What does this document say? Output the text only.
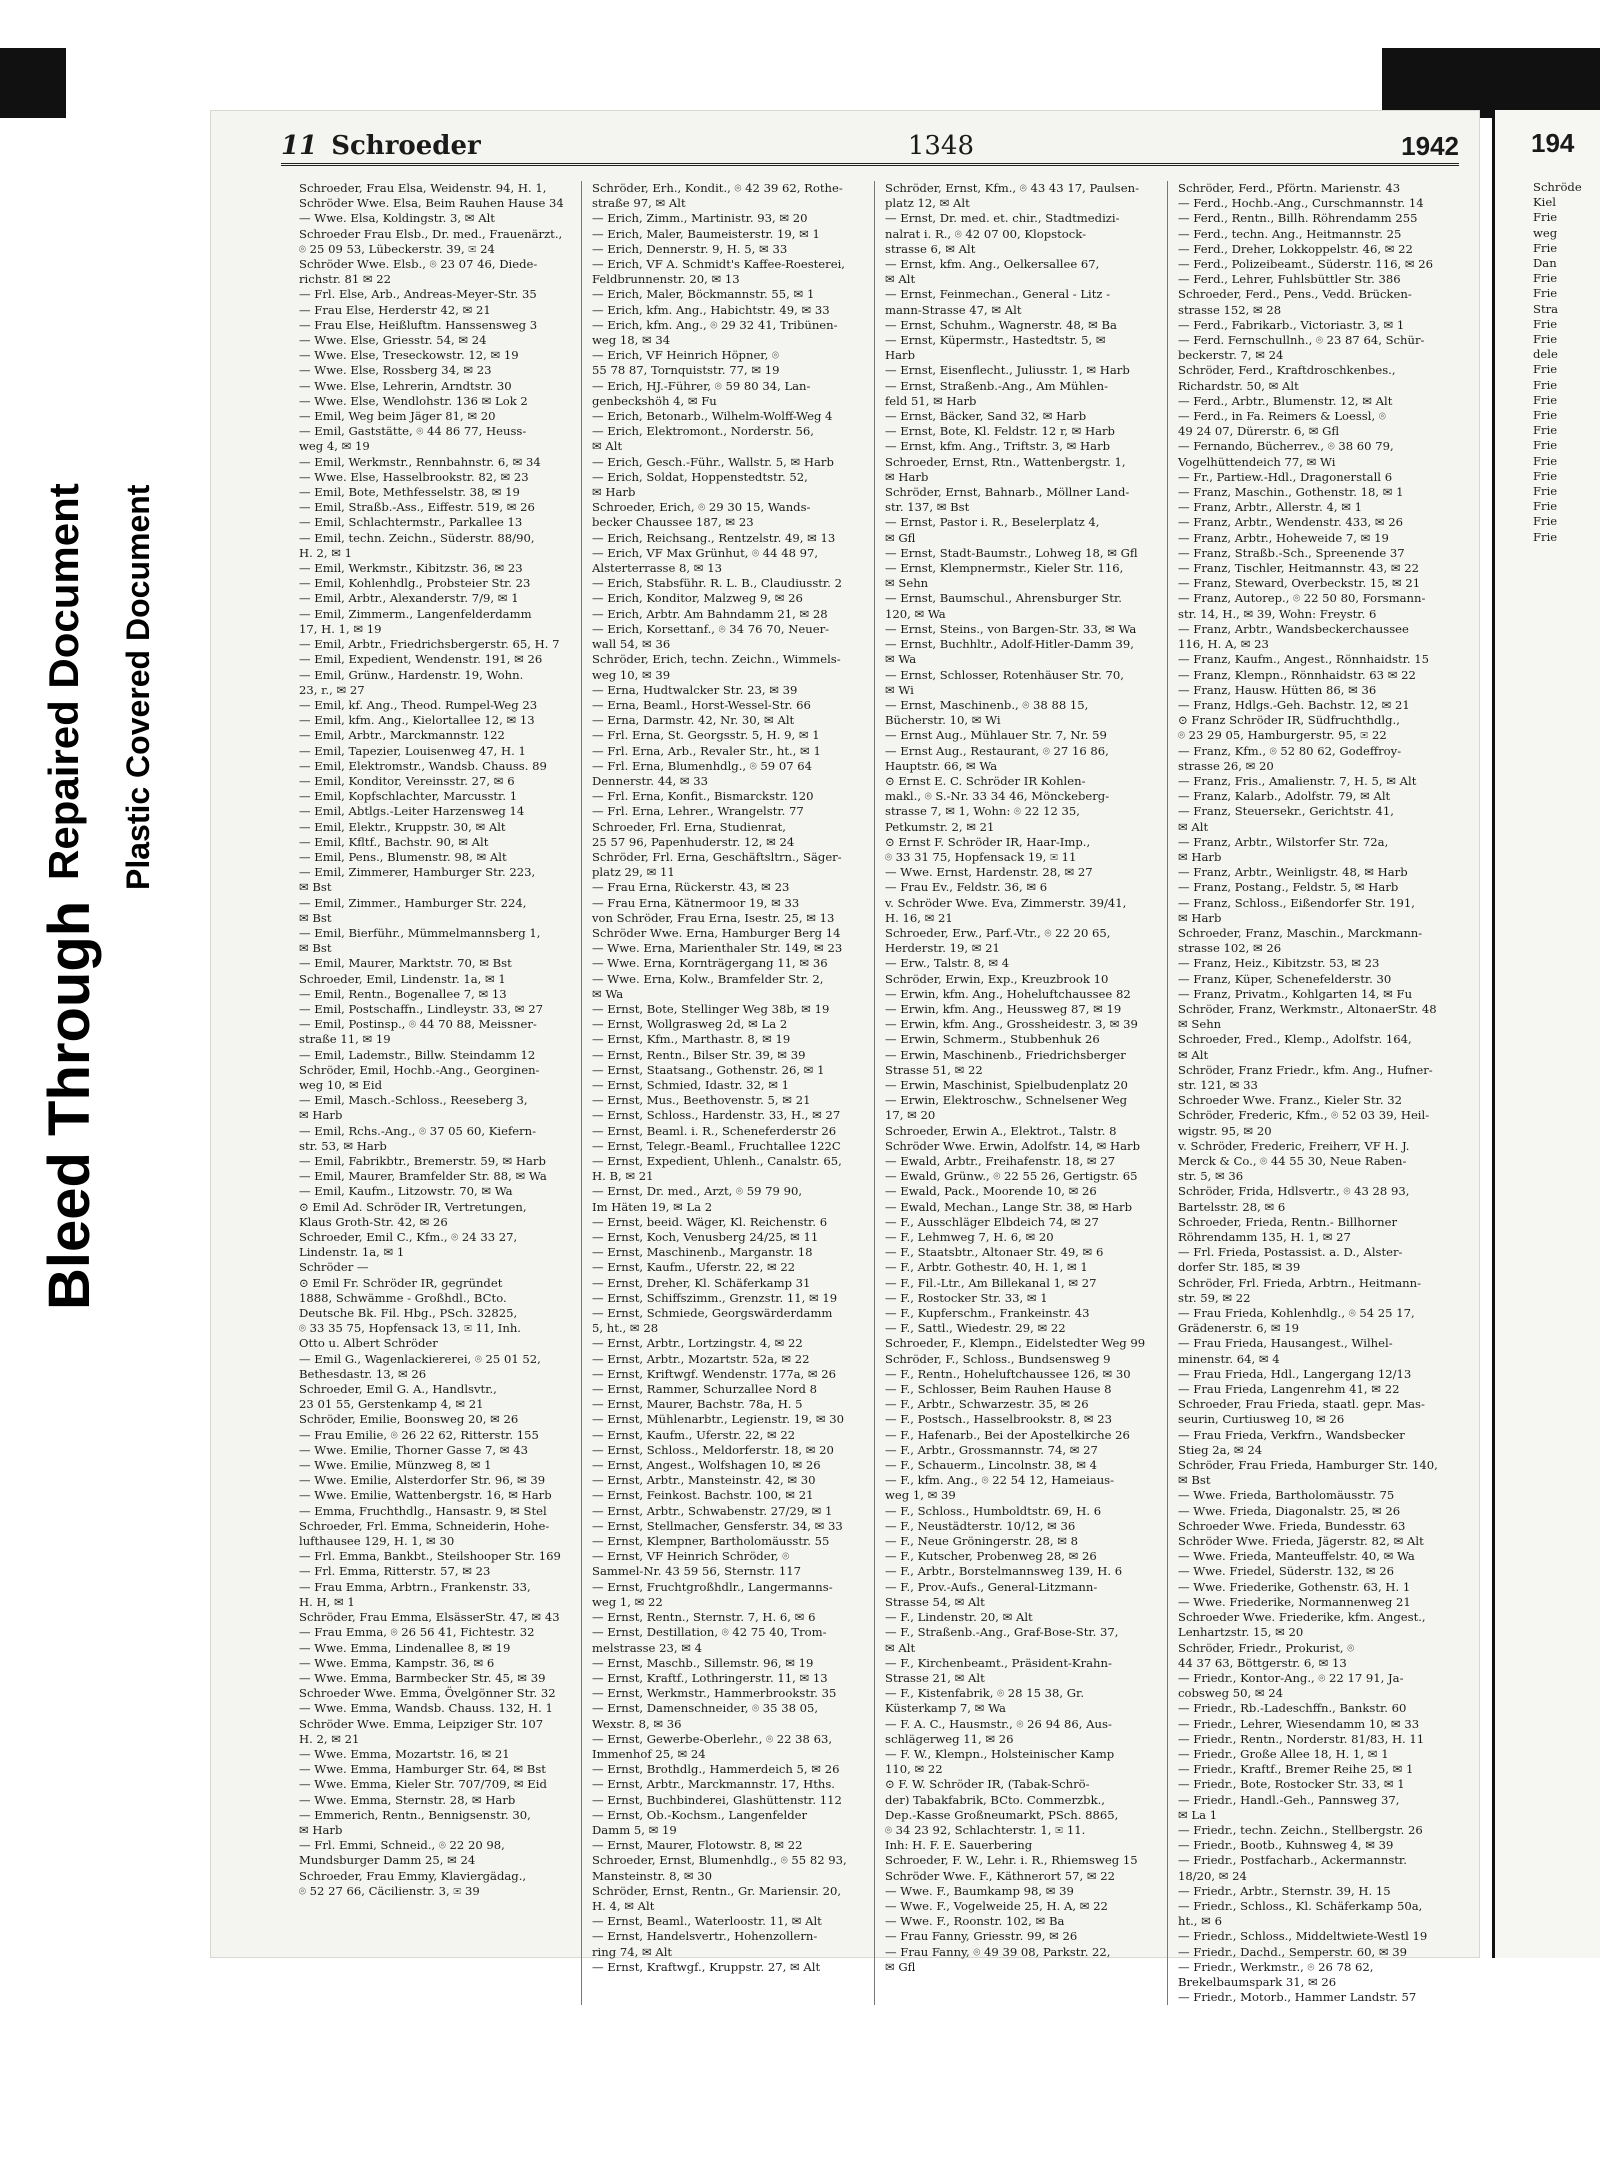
Bleed Through
Repaired Document Plastic Covered Document
11 Schroeder	1348	1942

Schroeder, Frau Elsa, Weidenstr. 94, H. 1,

Schröder Wwe. Elsa, Beim Rauhen Hause 34

— Wwe. Elsa, Koldingstr. 3, ✉ Alt

Schroeder Frau Elsb., Dr. med., Frauenärzt.,

⌾ 25 09 53, Lübeckerstr. 39, ✉ 24

Schröder Wwe. Elsb., ⌾ 23 07 46, Diede-

richstr. 81 ✉ 22

— Frl. Else, Arb., Andreas-Meyer-Str. 35

— Frau Else, Herderstr 42, ✉ 21

— Frau Else, Heißluftm. Hanssensweg 3

— Wwe. Else, Griesstr. 54, ✉ 24

— Wwe. Else, Treseckowstr. 12, ✉ 19

— Wwe. Else, Rossberg 34, ✉ 23

— Wwe. Else, Lehrerin, Arndtstr. 30

— Wwe. Else, Wendlohstr. 136 ✉ Lok 2

— Emil, Weg beim Jäger 81, ✉ 20

— Emil, Gaststätte, ⌾ 44 86 77, Heuss-

weg 4, ✉ 19

— Emil, Werkmstr., Rennbahnstr. 6, ✉ 34

— Wwe. Else, Hasselbrookstr. 82, ✉ 23

— Emil, Bote, Methfesselstr. 38, ✉ 19

— Emil, Straßb.-Ass., Eiffestr. 519, ✉ 26

— Emil, Schlachtermstr., Parkallee 13

— Emil, techn. Zeichn., Süderstr. 88/90,

H. 2, ✉ 1

— Emil, Werkmstr., Kibitzstr. 36, ✉ 23

— Emil, Kohlenhdlg., Probsteier Str. 23

— Emil, Arbtr., Alexanderstr. 7/9, ✉ 1

— Emil, Zimmerm., Langenfelderdamm

17, H. 1, ✉ 19

— Emil, Arbtr., Friedrichsbergerstr. 65, H. 7

— Emil, Expedient, Wendenstr. 191, ✉ 26

— Emil, Grünw., Hardenstr. 19, Wohn.

23, r., ✉ 27

— Emil, kf. Ang., Theod. Rumpel-Weg 23

— Emil, kfm. Ang., Kielortallee 12, ✉ 13

— Emil, Arbtr., Marckmannstr. 122

— Emil, Tapezier, Louisenweg 47, H. 1

— Emil, Elektromstr., Wandsb. Chauss. 89

— Emil, Konditor, Vereinsstr. 27, ✉ 6

— Emil, Kopfschlachter, Marcusstr. 1

— Emil, Abtlgs.-Leiter Harzensweg 14

— Emil, Elektr., Kruppstr. 30, ✉ Alt

— Emil, Kfltf., Bachstr. 90, ✉ Alt

— Emil, Pens., Blumenstr. 98, ✉ Alt

— Emil, Zimmerer, Hamburger Str. 223,

✉ Bst

— Emil, Zimmer., Hamburger Str. 224,

✉ Bst

— Emil, Bierführ., Mümmelmannsberg 1,

✉ Bst

— Emil, Maurer, Marktstr. 70, ✉ Bst

Schroeder, Emil, Lindenstr. 1a, ✉ 1

— Emil, Rentn., Bogenallee 7, ✉ 13

— Emil, Postschaffn., Lindleystr. 33, ✉ 27

— Emil, Postinsp., ⌾ 44 70 88, Meissner-

straße 11, ✉ 19

— Emil, Lademstr., Billw. Steindamm 12

Schröder, Emil, Hochb.-Ang., Georginen-

weg 10, ✉ Eid

— Emil, Masch.-Schloss., Reeseberg 3,

✉ Harb

— Emil, Rchs.-Ang., ⌾ 37 05 60, Kiefern-

str. 53, ✉ Harb

— Emil, Fabrikbtr., Bremerstr. 59, ✉ Harb

— Emil, Maurer, Bramfelder Str. 88, ✉ Wa

— Emil, Kaufm., Litzowstr. 70, ✉ Wa

⊙ Emil Ad. Schröder IR, Vertretungen,

Klaus Groth-Str. 42, ✉ 26

Schroeder, Emil C., Kfm., ⌾ 24 33 27,

Lindenstr. 1a, ✉ 1

Schröder —

⊙ Emil Fr. Schröder IR, gegründet

1888, Schwämme - Großhdl., BCto.

Deutsche Bk. Fil. Hbg., PSch. 32825,

⌾ 33 35 75, Hopfensack 13, ✉ 11, Inh.

Otto u. Albert Schröder

— Emil G., Wagenlackiererei, ⌾ 25 01 52,

Bethesdastr. 13, ✉ 26

Schroeder, Emil G. A., Handlsvtr.,

23 01 55, Gerstenkamp 4, ✉ 21

Schröder, Emilie, Boonsweg 20, ✉ 26

— Frau Emilie, ⌾ 26 22 62, Ritterstr. 155

— Wwe. Emilie, Thorner Gasse 7, ✉ 43

— Wwe. Emilie, Münzweg 8, ✉ 1

— Wwe. Emilie, Alsterdorfer Str. 96, ✉ 39

— Wwe. Emilie, Wattenbergstr. 16, ✉ Harb

— Emma, Fruchthdlg., Hansastr. 9, ✉ Stel

Schroeder, Frl. Emma, Schneiderin, Hohe-

lufthausee 129, H. 1, ✉ 30

— Frl. Emma, Bankbt., Steilshooper Str. 169

— Frl. Emma, Ritterstr. 57, ✉ 23

— Frau Emma, Arbtrn., Frankenstr. 33,

H. H, ✉ 1

Schröder, Frau Emma, ElsässerStr. 47, ✉ 43

— Frau Emma, ⌾ 26 56 41, Fichtestr. 32

— Wwe. Emma, Lindenallee 8, ✉ 19

— Wwe. Emma, Kampstr. 36, ✉ 6

— Wwe. Emma, Barmbecker Str. 45, ✉ 39

Schroeder Wwe. Emma, Övelgönner Str. 32

— Wwe. Emma, Wandsb. Chauss. 132, H. 1

Schröder Wwe. Emma, Leipziger Str. 107

H. 2, ✉ 21

— Wwe. Emma, Mozartstr. 16, ✉ 21

— Wwe. Emma, Hamburger Str. 64, ✉ Bst

— Wwe. Emma, Kieler Str. 707/709, ✉ Eid

— Wwe. Emma, Sternstr. 28, ✉ Harb

— Emmerich, Rentn., Bennigsenstr. 30,

✉ Harb

— Frl. Emmi, Schneid., ⌾ 22 20 98,

Mundsburger Damm 25, ✉ 24

Schroeder, Frau Emmy, Klaviergädag.,

⌾ 52 27 66, Cäcilienstr. 3, ✉ 39

Schröder, Erh., Kondit., ⌾ 42 39 62, Rothe-

straße 97, ✉ Alt

— Erich, Zimm., Martinistr. 93, ✉ 20

— Erich, Maler, Baumeisterstr. 19, ✉ 1

— Erich, Dennerstr. 9, H. 5, ✉ 33

— Erich, VF A. Schmidt's Kaffee-Roesterei,

Feldbrunnenstr. 20, ✉ 13

— Erich, Maler, Böckmannstr. 55, ✉ 1

— Erich, kfm. Ang., Habichtstr. 49, ✉ 33

— Erich, kfm. Ang., ⌾ 29 32 41, Tribünen-

weg 18, ✉ 34

— Erich, VF Heinrich Höpner, ⌾

55 78 87, Tornquiststr. 77, ✉ 19

— Erich, HJ.-Führer, ⌾ 59 80 34, Lan-

genbeckshöh 4, ✉ Fu

— Erich, Betonarb., Wilhelm-Wolff-Weg 4

— Erich, Elektromont., Norderstr. 56,

✉ Alt

— Erich, Gesch.-Führ., Wallstr. 5, ✉ Harb

— Erich, Soldat, Hoppenstedtstr. 52,

✉ Harb

Schroeder, Erich, ⌾ 29 30 15, Wands-

becker Chaussee 187, ✉ 23

— Erich, Reichsang., Rentzelstr. 49, ✉ 13

— Erich, VF Max Grünhut, ⌾ 44 48 97,

Alsterterrasse 8, ✉ 13

— Erich, Stabsführ. R. L. B., Claudiusstr. 2

— Erich, Konditor, Malzweg 9, ✉ 26

— Erich, Arbtr. Am Bahndamm 21, ✉ 28

— Erich, Korsettanf., ⌾ 34 76 70, Neuer-

wall 54, ✉ 36

Schröder, Erich, techn. Zeichn., Wimmels-

weg 10, ✉ 39

— Erna, Hudtwalcker Str. 23, ✉ 39

— Erna, Beaml., Horst-Wessel-Str. 66

— Erna, Darmstr. 42, Nr. 30, ✉ Alt

— Frl. Erna, St. Georgsstr. 5, H. 9, ✉ 1

— Frl. Erna, Arb., Revaler Str., ht., ✉ 1

— Frl. Erna, Blumenhdlg., ⌾ 59 07 64

Dennerstr. 44, ✉ 33

— Frl. Erna, Konfit., Bismarckstr. 120

— Frl. Erna, Lehrer., Wrangelstr. 77

Schroeder, Frl. Erna, Studienrat,

25 57 96, Papenhuderstr. 12, ✉ 24

Schröder, Frl. Erna, Geschäftsltrn., Säger-

platz 29, ✉ 11

— Frau Erna, Rückerstr. 43, ✉ 23

— Frau Erna, Kätnermoor 19, ✉ 33

von Schröder, Frau Erna, Isestr. 25, ✉ 13

Schröder Wwe. Erna, Hamburger Berg 14

— Wwe. Erna, Marienthaler Str. 149, ✉ 23

— Wwe. Erna, Kornträgergang 11, ✉ 36

— Wwe. Erna, Kolw., Bramfelder Str. 2,

✉ Wa

— Ernst, Bote, Stellinger Weg 38b, ✉ 19

— Ernst, Wollgrasweg 2d, ✉ La 2

— Ernst, Kfm., Marthastr. 8, ✉ 19

— Ernst, Rentn., Bilser Str. 39, ✉ 39

— Ernst, Staatsang., Gothenstr. 26, ✉ 1

— Ernst, Schmied, Idastr. 32, ✉ 1

— Ernst, Mus., Beethovenstr. 5, ✉ 21

— Ernst, Schloss., Hardenstr. 33, H., ✉ 27

— Ernst, Beaml. i. R., Scheneferderstr 26

— Ernst, Telegr.-Beaml., Fruchtallee 122C

— Ernst, Expedient, Uhlenh., Canalstr. 65,

H. B, ✉ 21

— Ernst, Dr. med., Arzt, ⌾ 59 79 90,

Im Häten 19, ✉ La 2

— Ernst, beeid. Wäger, Kl. Reichenstr. 6

— Ernst, Koch, Venusberg 24/25, ✉ 11

— Ernst, Maschinenb., Marganstr. 18

— Ernst, Kaufm., Uferstr. 22, ✉ 22

— Ernst, Dreher, Kl. Schäferkamp 31

— Ernst, Schiffszimm., Grenzstr. 11, ✉ 19

— Ernst, Schmiede, Georgswärderdamm

5, ht., ✉ 28

— Ernst, Arbtr., Lortzingstr. 4, ✉ 22

— Ernst, Arbtr., Mozartstr. 52a, ✉ 22

— Ernst, Kriftwgf. Wendenstr. 177a, ✉ 26

— Ernst, Rammer, Schurzallee Nord 8

— Ernst, Maurer, Bachstr. 78a, H. 5

— Ernst, Mühlenarbtr., Legienstr. 19, ✉ 30

— Ernst, Kaufm., Uferstr. 22, ✉ 22

— Ernst, Schloss., Meldorferstr. 18, ✉ 20

— Ernst, Angest., Wolfshagen 10, ✉ 26

— Ernst, Arbtr., Mansteinstr. 42, ✉ 30

— Ernst, Feinkost. Bachstr. 100, ✉ 21

— Ernst, Arbtr., Schwabenstr. 27/29, ✉ 1

— Ernst, Stellmacher, Gensferstr. 34, ✉ 33

— Ernst, Klempner, Bartholomäusstr. 55

— Ernst, VF Heinrich Schröder, ⌾

Sammel-Nr. 43 59 56, Sternstr. 117

— Ernst, Fruchtgroßhdlr., Langermanns-

weg 1, ✉ 22

— Ernst, Rentn., Sternstr. 7, H. 6, ✉ 6

— Ernst, Destillation, ⌾ 42 75 40, Trom-

melstrasse 23, ✉ 4

— Ernst, Maschb., Sillemstr. 96, ✉ 19

— Ernst, Kraftf., Lothringerstr. 11, ✉ 13

— Ernst, Werkmstr., Hammerbrookstr. 35

— Ernst, Damenschneider, ⌾ 35 38 05,

Wexstr. 8, ✉ 36

— Ernst, Gewerbe-Oberlehr., ⌾ 22 38 63,

Immenhof 25, ✉ 24

— Ernst, Brothdlg., Hammerdeich 5, ✉ 26

— Ernst, Arbtr., Marckmannstr. 17, Hths.

— Ernst, Buchbinderei, Glashüttenstr. 112

— Ernst, Ob.-Kochsm., Langenfelder

Damm 5, ✉ 19

— Ernst, Maurer, Flotowstr. 8, ✉ 22

Schroeder, Ernst, Blumenhdlg., ⌾ 55 82 93,

Mansteinstr. 8, ✉ 30

Schröder, Ernst, Rentn., Gr. Mariensir. 20,

H. 4, ✉ Alt

— Ernst, Beaml., Waterloostr. 11, ✉ Alt

— Ernst, Handelsvertr., Hohenzollern-

ring 74, ✉ Alt

— Ernst, Kraftwgf., Kruppstr. 27, ✉ Alt

Schröder, Ernst, Kfm., ⌾ 43 43 17, Paulsen-

platz 12, ✉ Alt

— Ernst, Dr. med. et. chir., Stadtmedizi-

nalrat i. R., ⌾ 42 07 00, Klopstock-

strasse 6, ✉ Alt

— Ernst, kfm. Ang., Oelkersallee 67,

✉ Alt

— Ernst, Feinmechan., General - Litz -

mann-Strasse 47, ✉ Alt

— Ernst, Schuhm., Wagnerstr. 48, ✉ Ba

— Ernst, Küpermstr., Hastedtstr. 5, ✉

Harb

— Ernst, Eisenflecht., Juliusstr. 1, ✉ Harb

— Ernst, Straßenb.-Ang., Am Mühlen-

feld 51, ✉ Harb

— Ernst, Bäcker, Sand 32, ✉ Harb

— Ernst, Bote, Kl. Feldstr. 12 r, ✉ Harb

— Ernst, kfm. Ang., Triftstr. 3, ✉ Harb

Schroeder, Ernst, Rtn., Wattenbergstr. 1,

✉ Harb

Schröder, Ernst, Bahnarb., Möllner Land-

str. 137, ✉ Bst

— Ernst, Pastor i. R., Beselerplatz 4,

✉ Gfl

— Ernst, Stadt-Baumstr., Lohweg 18, ✉ Gfl

— Ernst, Klempnermstr., Kieler Str. 116,

✉ Sehn

— Ernst, Baumschul., Ahrensburger Str.

120, ✉ Wa

— Ernst, Steins., von Bargen-Str. 33, ✉ Wa

— Ernst, Buchhltr., Adolf-Hitler-Damm 39,

✉ Wa

— Ernst, Schlosser, Rotenhäuser Str. 70,

✉ Wi

— Ernst, Maschinenb., ⌾ 38 88 15,

Bücherstr. 10, ✉ Wi

— Ernst Aug., Mühlauer Str. 7, Nr. 59

— Ernst Aug., Restaurant, ⌾ 27 16 86,

Hauptstr. 66, ✉ Wa

⊙ Ernst E. C. Schröder IR Kohlen-

makl., ⌾ S.-Nr. 33 34 46, Mönckeberg-

strasse 7, ✉ 1, Wohn: ⌾ 22 12 35,

Petkumstr. 2, ✉ 21

⊙ Ernst F. Schröder IR, Haar-Imp.,

⌾ 33 31 75, Hopfensack 19, ✉ 11

— Wwe. Ernst, Hardenstr. 28, ✉ 27

— Frau Ev., Feldstr. 36, ✉ 6

v. Schröder Wwe. Eva, Zimmerstr. 39/41,

H. 16, ✉ 21

Schroeder, Erw., Parf.-Vtr., ⌾ 22 20 65,

Herderstr. 19, ✉ 21

— Erw., Talstr. 8, ✉ 4

Schröder, Erwin, Exp., Kreuzbrook 10

— Erwin, kfm. Ang., Hoheluftchaussee 82

— Erwin, kfm. Ang., Heussweg 87, ✉ 19

— Erwin, kfm. Ang., Grossheidestr. 3, ✉ 39

— Erwin, Schmerm., Stubbenhuk 26

— Erwin, Maschinenb., Friedrichsberger

Strasse 51, ✉ 22

— Erwin, Maschinist, Spielbudenplatz 20

— Erwin, Elektroschw., Schnelsener Weg

17, ✉ 20

Schroeder, Erwin A., Elektrot., Talstr. 8

Schröder Wwe. Erwin, Adolfstr. 14, ✉ Harb

— Ewald, Arbtr., Freihafenstr. 18, ✉ 27

— Ewald, Grünw., ⌾ 22 55 26, Gertigstr. 65

— Ewald, Pack., Moorende 10, ✉ 26

— Ewald, Mechan., Lange Str. 38, ✉ Harb

— F., Ausschläger Elbdeich 74, ✉ 27

— F., Lehmweg 7, H. 6, ✉ 20

— F., Staatsbtr., Altonaer Str. 49, ✉ 6

— F., Arbtr. Gothestr. 40, H. 1, ✉ 1

— F., Fil.-Ltr., Am Billekanal 1, ✉ 27

— F., Rostocker Str. 33, ✉ 1

— F., Kupferschm., Frankeinstr. 43

— F., Sattl., Wiedestr. 29, ✉ 22

Schroeder, F., Klempn., Eidelstedter Weg 99

Schröder, F., Schloss., Bundsensweg 9

— F., Rentn., Hoheluftchaussee 126, ✉ 30

— F., Schlosser, Beim Rauhen Hause 8

— F., Arbtr., Schwarzestr. 35, ✉ 26

— F., Postsch., Hasselbrookstr. 8, ✉ 23

— F., Hafenarb., Bei der Apostelkirche 26

— F., Arbtr., Grossmannstr. 74, ✉ 27

— F., Schauerm., Lincolnstr. 38, ✉ 4

— F., kfm. Ang., ⌾ 22 54 12, Hameiaus-

weg 1, ✉ 39

— F., Schloss., Humboldtstr. 69, H. 6

— F., Neustädterstr. 10/12, ✉ 36

— F., Neue Gröningerstr. 28, ✉ 8

— F., Kutscher, Probenweg 28, ✉ 26

— F., Arbtr., Borstelmannsweg 139, H. 6

— F., Prov.-Aufs., General-Litzmann-

Strasse 54, ✉ Alt

— F., Lindenstr. 20, ✉ Alt

— F., Straßenb.-Ang., Graf-Bose-Str. 37,

✉ Alt

— F., Kirchenbeamt., Präsident-Krahn-

Strasse 21, ✉ Alt

— F., Kistenfabrik, ⌾ 28 15 38, Gr.

Küsterkamp 7, ✉ Wa

— F. A. C., Hausmstr., ⌾ 26 94 86, Aus-

schlägerweg 11, ✉ 26

— F. W., Klempn., Holsteinischer Kamp

110, ✉ 22

⊙ F. W. Schröder IR, (Tabak-Schrö-

der) Tabakfabrik, BCto. Commerzbk.,

Dep.-Kasse Großneumarkt, PSch. 8865,

⌾ 34 23 92, Schlachterstr. 1, ✉ 11.

Inh: H. F. E. Sauerbering

Schroeder, F. W., Lehr. i. R., Rhiemsweg 15

Schröder Wwe. F., Käthnerort 57, ✉ 22

— Wwe. F., Baumkamp 98, ✉ 39

— Wwe. F., Vogelweide 25, H. A, ✉ 22

— Wwe. F., Roonstr. 102, ✉ Ba

— Frau Fanny, Griesstr. 99, ✉ 26

— Frau Fanny, ⌾ 49 39 08, Parkstr. 22,

✉ Gfl

Schröder, Ferd., Pförtn. Marienstr. 43

— Ferd., Hochb.-Ang., Curschmannstr. 14

— Ferd., Rentn., Billh. Röhrendamm 255

— Ferd., techn. Ang., Heitmannstr. 25

— Ferd., Dreher, Lokkoppelstr. 46, ✉ 22

— Ferd., Polizeibeamt., Süderstr. 116, ✉ 26

— Ferd., Lehrer, Fuhlsbüttler Str. 386

Schroeder, Ferd., Pens., Vedd. Brücken-

strasse 152, ✉ 28

— Ferd., Fabrikarb., Victoriastr. 3, ✉ 1

— Ferd. Fernschullnh., ⌾ 23 87 64, Schür-

beckerstr. 7, ✉ 24

Schröder, Ferd., Kraftdroschkenbes.,

Richardstr. 50, ✉ Alt

— Ferd., Arbtr., Blumenstr. 12, ✉ Alt

— Ferd., in Fa. Reimers & Loessl, ⌾

49 24 07, Dürerstr. 6, ✉ Gfl

— Fernando, Bücherrev., ⌾ 38 60 79,

Vogelhüttendeich 77, ✉ Wi

— Fr., Partiew.-Hdl., Dragonerstall 6

— Franz, Maschin., Gothenstr. 18, ✉ 1

— Franz, Arbtr., Allerstr. 4, ✉ 1

— Franz, Arbtr., Wendenstr. 433, ✉ 26

— Franz, Arbtr., Hoheweide 7, ✉ 19

— Franz, Straßb.-Sch., Spreenende 37

— Franz, Tischler, Heitmannstr. 43, ✉ 22

— Franz, Steward, Overbeckstr. 15, ✉ 21

— Franz, Autorep., ⌾ 22 50 80, Forsmann-

str. 14, H., ✉ 39, Wohn: Freystr. 6

— Franz, Arbtr., Wandsbeckerchaussee

116, H. A, ✉ 23

— Franz, Kaufm., Angest., Rönnhaidstr. 15

— Franz, Klempn., Rönnhaidstr. 63 ✉ 22

— Franz, Hausw. Hütten 86, ✉ 36

— Franz, Hdlgs.-Geh. Bachstr. 12, ✉ 21

⊙ Franz Schröder IR, Südfruchthdlg.,

⌾ 23 29 05, Hamburgerstr. 95, ✉ 22

— Franz, Kfm., ⌾ 52 80 62, Godeffroy-

strasse 26, ✉ 20

— Franz, Fris., Amalienstr. 7, H. 5, ✉ Alt

— Franz, Kalarb., Adolfstr. 79, ✉ Alt

— Franz, Steuersekr., Gerichtstr. 41,

✉ Alt

— Franz, Arbtr., Wilstorfer Str. 72a,

✉ Harb

— Franz, Arbtr., Weinligstr. 48, ✉ Harb

— Franz, Postang., Feldstr. 5, ✉ Harb

— Franz, Schloss., Eißendorfer Str. 191,

✉ Harb

Schroeder, Franz, Maschin., Marckmann-

strasse 102, ✉ 26

— Franz, Heiz., Kibitzstr. 53, ✉ 23

— Franz, Küper, Schenefelderstr. 30

— Franz, Privatm., Kohlgarten 14, ✉ Fu

Schröder, Franz, Werkmstr., AltonaerStr. 48

✉ Sehn

Schroeder, Fred., Klemp., Adolfstr. 164,

✉ Alt

Schröder, Franz Friedr., kfm. Ang., Hufner-

str. 121, ✉ 33

Schroeder Wwe. Franz., Kieler Str. 32

Schröder, Frederic, Kfm., ⌾ 52 03 39, Heil-

wigstr. 95, ✉ 20

v. Schröder, Frederic, Freiherr, VF H. J.

Merck & Co., ⌾ 44 55 30, Neue Raben-

str. 5, ✉ 36

Schröder, Frida, Hdlsvertr., ⌾ 43 28 93,

Bartelsstr. 28, ✉ 6

Schroeder, Frieda, Rentn.- Billhorner

Röhrendamm 135, H. 1, ✉ 27

— Frl. Frieda, Postassist. a. D., Alster-

dorfer Str. 185, ✉ 39

Schröder, Frl. Frieda, Arbtrn., Heitmann-

str. 59, ✉ 22

— Frau Frieda, Kohlenhdlg., ⌾ 54 25 17,

Grädenerstr. 6, ✉ 19

— Frau Frieda, Hausangest., Wilhel-

minenstr. 64, ✉ 4

— Frau Frieda, Hdl., Langergang 12/13

— Frau Frieda, Langenrehm 41, ✉ 22

Schroeder, Frau Frieda, staatl. gepr. Mas-

seurin, Curtiusweg 10, ✉ 26

— Frau Frieda, Verkfrn., Wandsbecker

Stieg 2a, ✉ 24

Schröder, Frau Frieda, Hamburger Str. 140,

✉ Bst

— Wwe. Frieda, Bartholomäusstr. 75

— Wwe. Frieda, Diagonalstr. 25, ✉ 26

Schroeder Wwe. Frieda, Bundesstr. 63

Schröder Wwe. Frieda, Jägerstr. 82, ✉ Alt

— Wwe. Frieda, Manteuffelstr. 40, ✉ Wa

— Wwe. Friedel, Süderstr. 132, ✉ 26

— Wwe. Friederike, Gothenstr. 63, H. 1

— Wwe. Friederike, Normannenweg 21

Schroeder Wwe. Friederike, kfm. Angest.,

Lenhartzstr. 15, ✉ 20

Schröder, Friedr., Prokurist, ⌾

44 37 63, Böttgerstr. 6, ✉ 13

— Friedr., Kontor-Ang., ⌾ 22 17 91, Ja-

cobsweg 50, ✉ 24

— Friedr., Rb.-Ladeschffn., Bankstr. 60

— Friedr., Lehrer, Wiesendamm 10, ✉ 33

— Friedr., Rentn., Norderstr. 81/83, H. 11

— Friedr., Große Allee 18, H. 1, ✉ 1

— Friedr., Kraftf., Bremer Reihe 25, ✉ 1

— Friedr., Bote, Rostocker Str. 33, ✉ 1

— Friedr., Handl.-Geh., Pannsweg 37,

✉ La 1

— Friedr., techn. Zeichn., Stellbergstr. 26

— Friedr., Bootb., Kuhnsweg 4, ✉ 39

— Friedr., Postfacharb., Ackermannstr.

18/20, ✉ 24

— Friedr., Arbtr., Sternstr. 39, H. 15

— Friedr., Schloss., Kl. Schäferkamp 50a,

ht., ✉ 6

— Friedr., Schloss., Middeltwiete-Westl 19

— Friedr., Dachd., Semperstr. 60, ✉ 39

— Friedr., Werkmstr., ⌾ 26 78 62,

Brekelbaumspark 31, ✉ 26

— Friedr., Motorb., Hammer Landstr. 57

194
Schröde
Kiel
Frie
weg
Frie
Dan
Frie
Frie
Stra
Frie
Frie
dele
Frie
Frie
Frie
Frie
Frie
Frie
Frie
Frie
Frie
Frie
Frie
Frie
